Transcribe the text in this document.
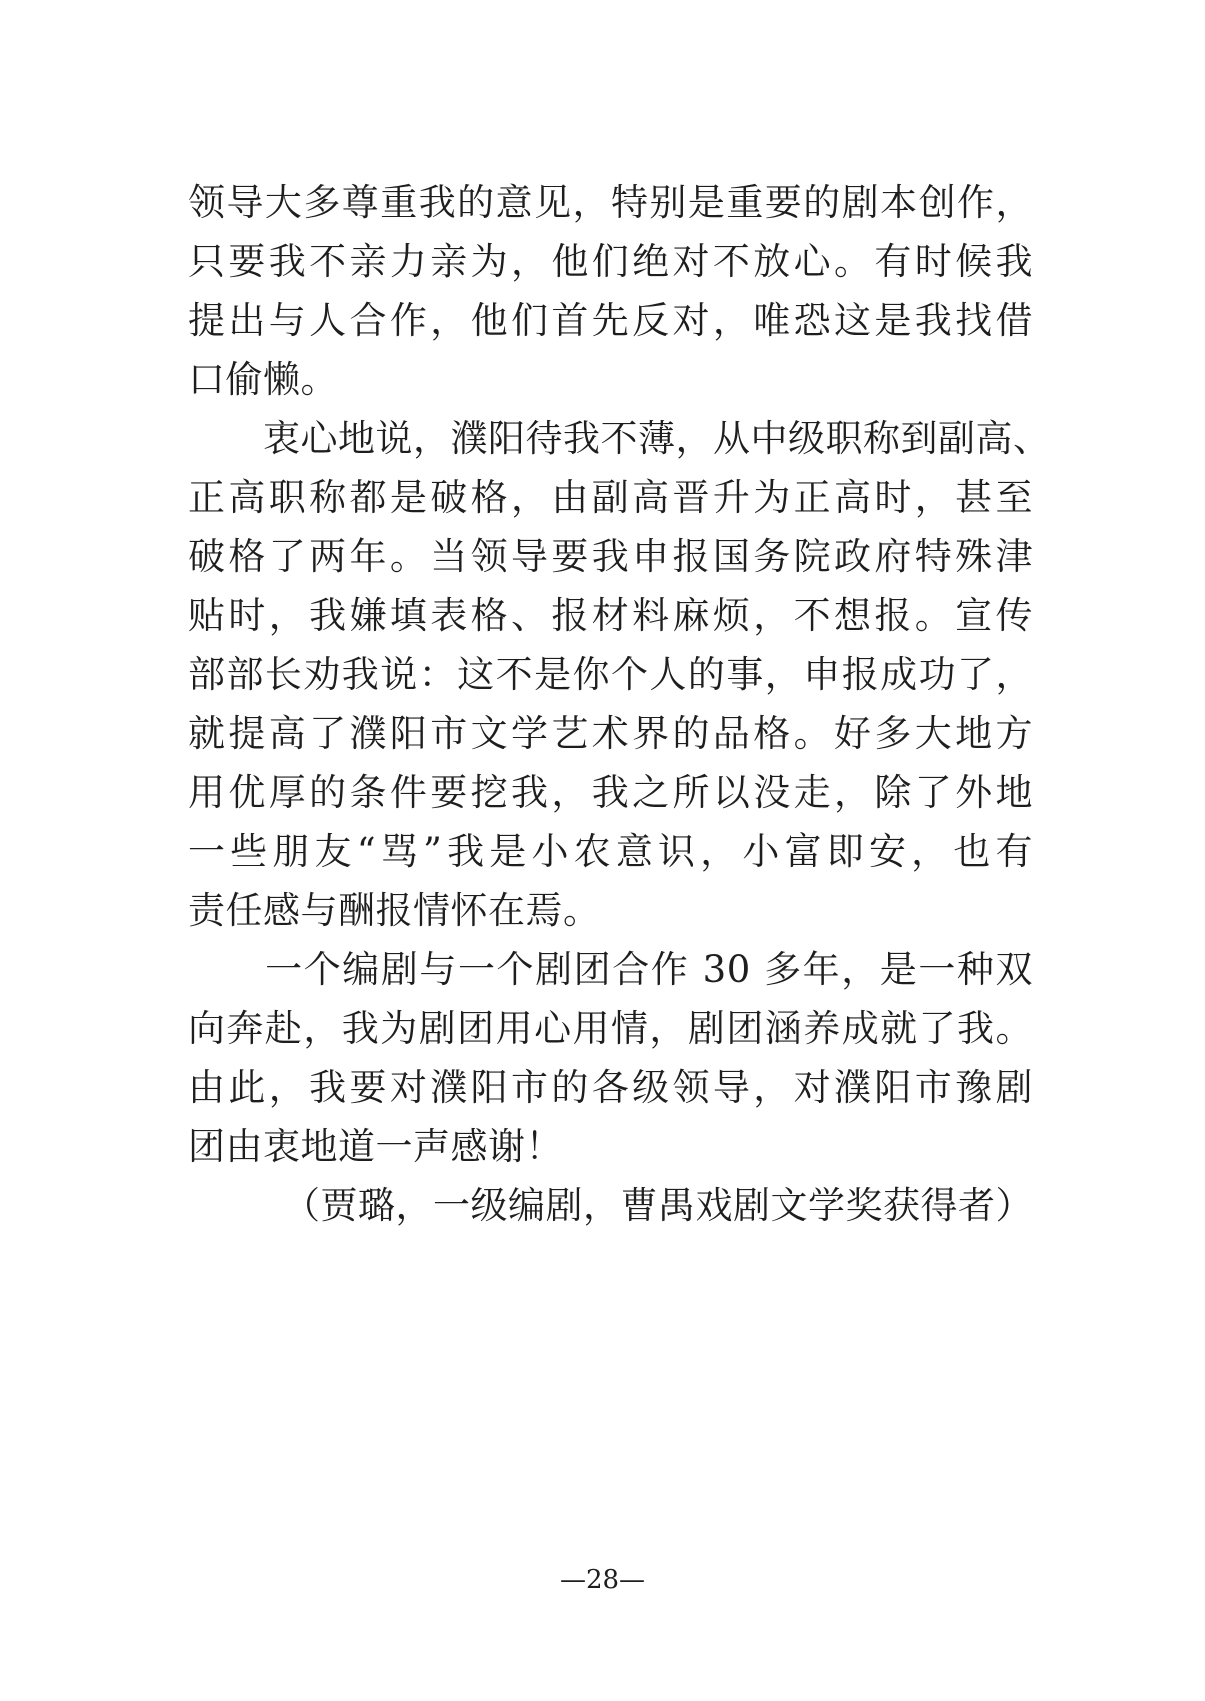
领导大多尊重我的意见，特别是重要的剧本创作，
只要我不亲力亲为，他们绝对不放心。有时候我
提出与人合作，他们首先反对，唯恐这是我找借
口偷懒。
　　衷心地说，濮阳待我不薄，从中级职称到副高、
正高职称都是破格，由副高晋升为正高时，甚至
破格了两年。当领导要我申报国务院政府特殊津
贴时，我嫌填表格、报材料麻烦，不想报。宣传
部部长劝我说：这不是你个人的事，申报成功了，
就提高了濮阳市文学艺术界的品格。好多大地方
用优厚的条件要挖我，我之所以没走，除了外地
一些朋友“骂”我是小农意识，小富即安，也有
责任感与酬报情怀在焉。
　　一个编剧与一个剧团合作 30 多年，是一种双
向奔赴，我为剧团用心用情，剧团涵养成就了我。
由此，我要对濮阳市的各级领导，对濮阳市豫剧
团由衷地道一声感谢！
（贾璐，一级编剧，曹禺戏剧文学奖获得者）
—28—
